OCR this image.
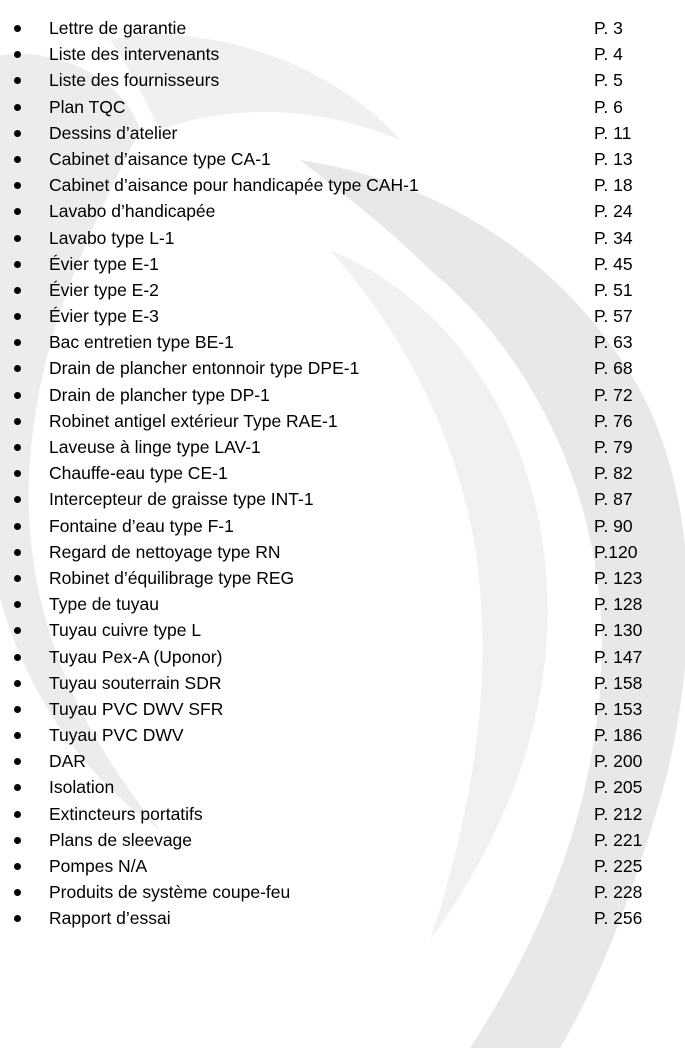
Lettre de garantie	P. 3
Liste des intervenants	P. 4
Liste des fournisseurs	P. 5
Plan TQC	P. 6
Dessins d’atelier	P. 11
Cabinet d’aisance type CA-1	P. 13
Cabinet d’aisance pour handicapée type CAH-1	P. 18
Lavabo d’handicapée	P. 24
Lavabo type L-1	P. 34
Évier type E-1	P. 45
Évier type E-2	P. 51
Évier type E-3	P. 57
Bac entretien type BE-1	P. 63
Drain de plancher entonnoir type DPE-1	P. 68
Drain de plancher type DP-1	P. 72
Robinet antigel extérieur Type RAE-1	P. 76
Laveuse à linge type LAV-1	P. 79
Chauffe-eau type CE-1	P. 82
Intercepteur de graisse type INT-1	P. 87
Fontaine d’eau type F-1	P. 90
Regard de nettoyage type RN	P.120
Robinet d’équilibrage type REG	P. 123
Type de tuyau	P. 128
Tuyau cuivre type L	P. 130
Tuyau Pex-A (Uponor)	P. 147
Tuyau souterrain SDR	P. 158
Tuyau PVC DWV SFR	P. 153
Tuyau PVC DWV	P. 186
DAR	P. 200
Isolation	P. 205
Extincteurs portatifs	P. 212
Plans de sleevage	P. 221
Pompes N/A	P. 225
Produits de système coupe-feu	P. 228
Rapport d’essai	P. 256
